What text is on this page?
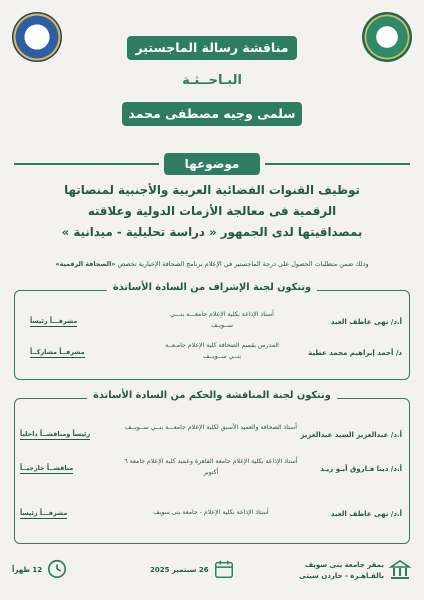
مناقشة رسالة الماجستير
البـاحــثـة
سلمى وجيه مصطفى محمد
موضوعها
توظيف القنوات الفضائية العربية والأجنبية لمنصاتها
الرقمية فى معالجة الأزمات الدولية وعلاقته
بمصداقيتها لدى الجمهور « دراسة تحليلية - ميدانية »
وذلك ضمن متطلبات الحصول على درجة الماجستير في الإعلام برنامج الصحافة الإخبارية تخصص «الصحافة الرقمية»
وتتكون لجنة الإشراف من السادة الأساتذة
أ.د/ نهى عاطف العبد
أستاذ الإذاعة بكلية الإعلام جامعـــة بنـــي ســويـف
مشرفـــاً رئيساً
د/ أحمد إبراهيم محمد عطية
المدرس بقسم الصحافة كلية الإعلام جامـعــة بنــي ســويــف
مشرفــاً مشاركــاً
وتتكون لجنة المناقشة والحكم من السادة الأساتذة
أ.د/ عبدالعزيز السيد عبدالعزيز
أستاذ الصحافة والعميد الأسبق لكلية الإعلام جامعـــة بنــي ســويــف
رئيساً ومناقشــاً داخلياً
أ.د/ دينا فـاروق أبـو زيـد
أستاذ الإذاعة بكلية الإعلام جامعة القاهرة وعميد كلية الإعلام جامعة ٦ أكتوبر
مناقشــاً خارجيــاً
أ.د/ نهى عاطف العبد
أستاذ الإذاعة بكلية الإعلام - جامعة بنى سويف
مشرفـــاً رئيساً
بمقر جامعة بنى سويف
بالقـاهـرة - جاردن سيتى
26 سبتمبر 2025
12 ظهراً
